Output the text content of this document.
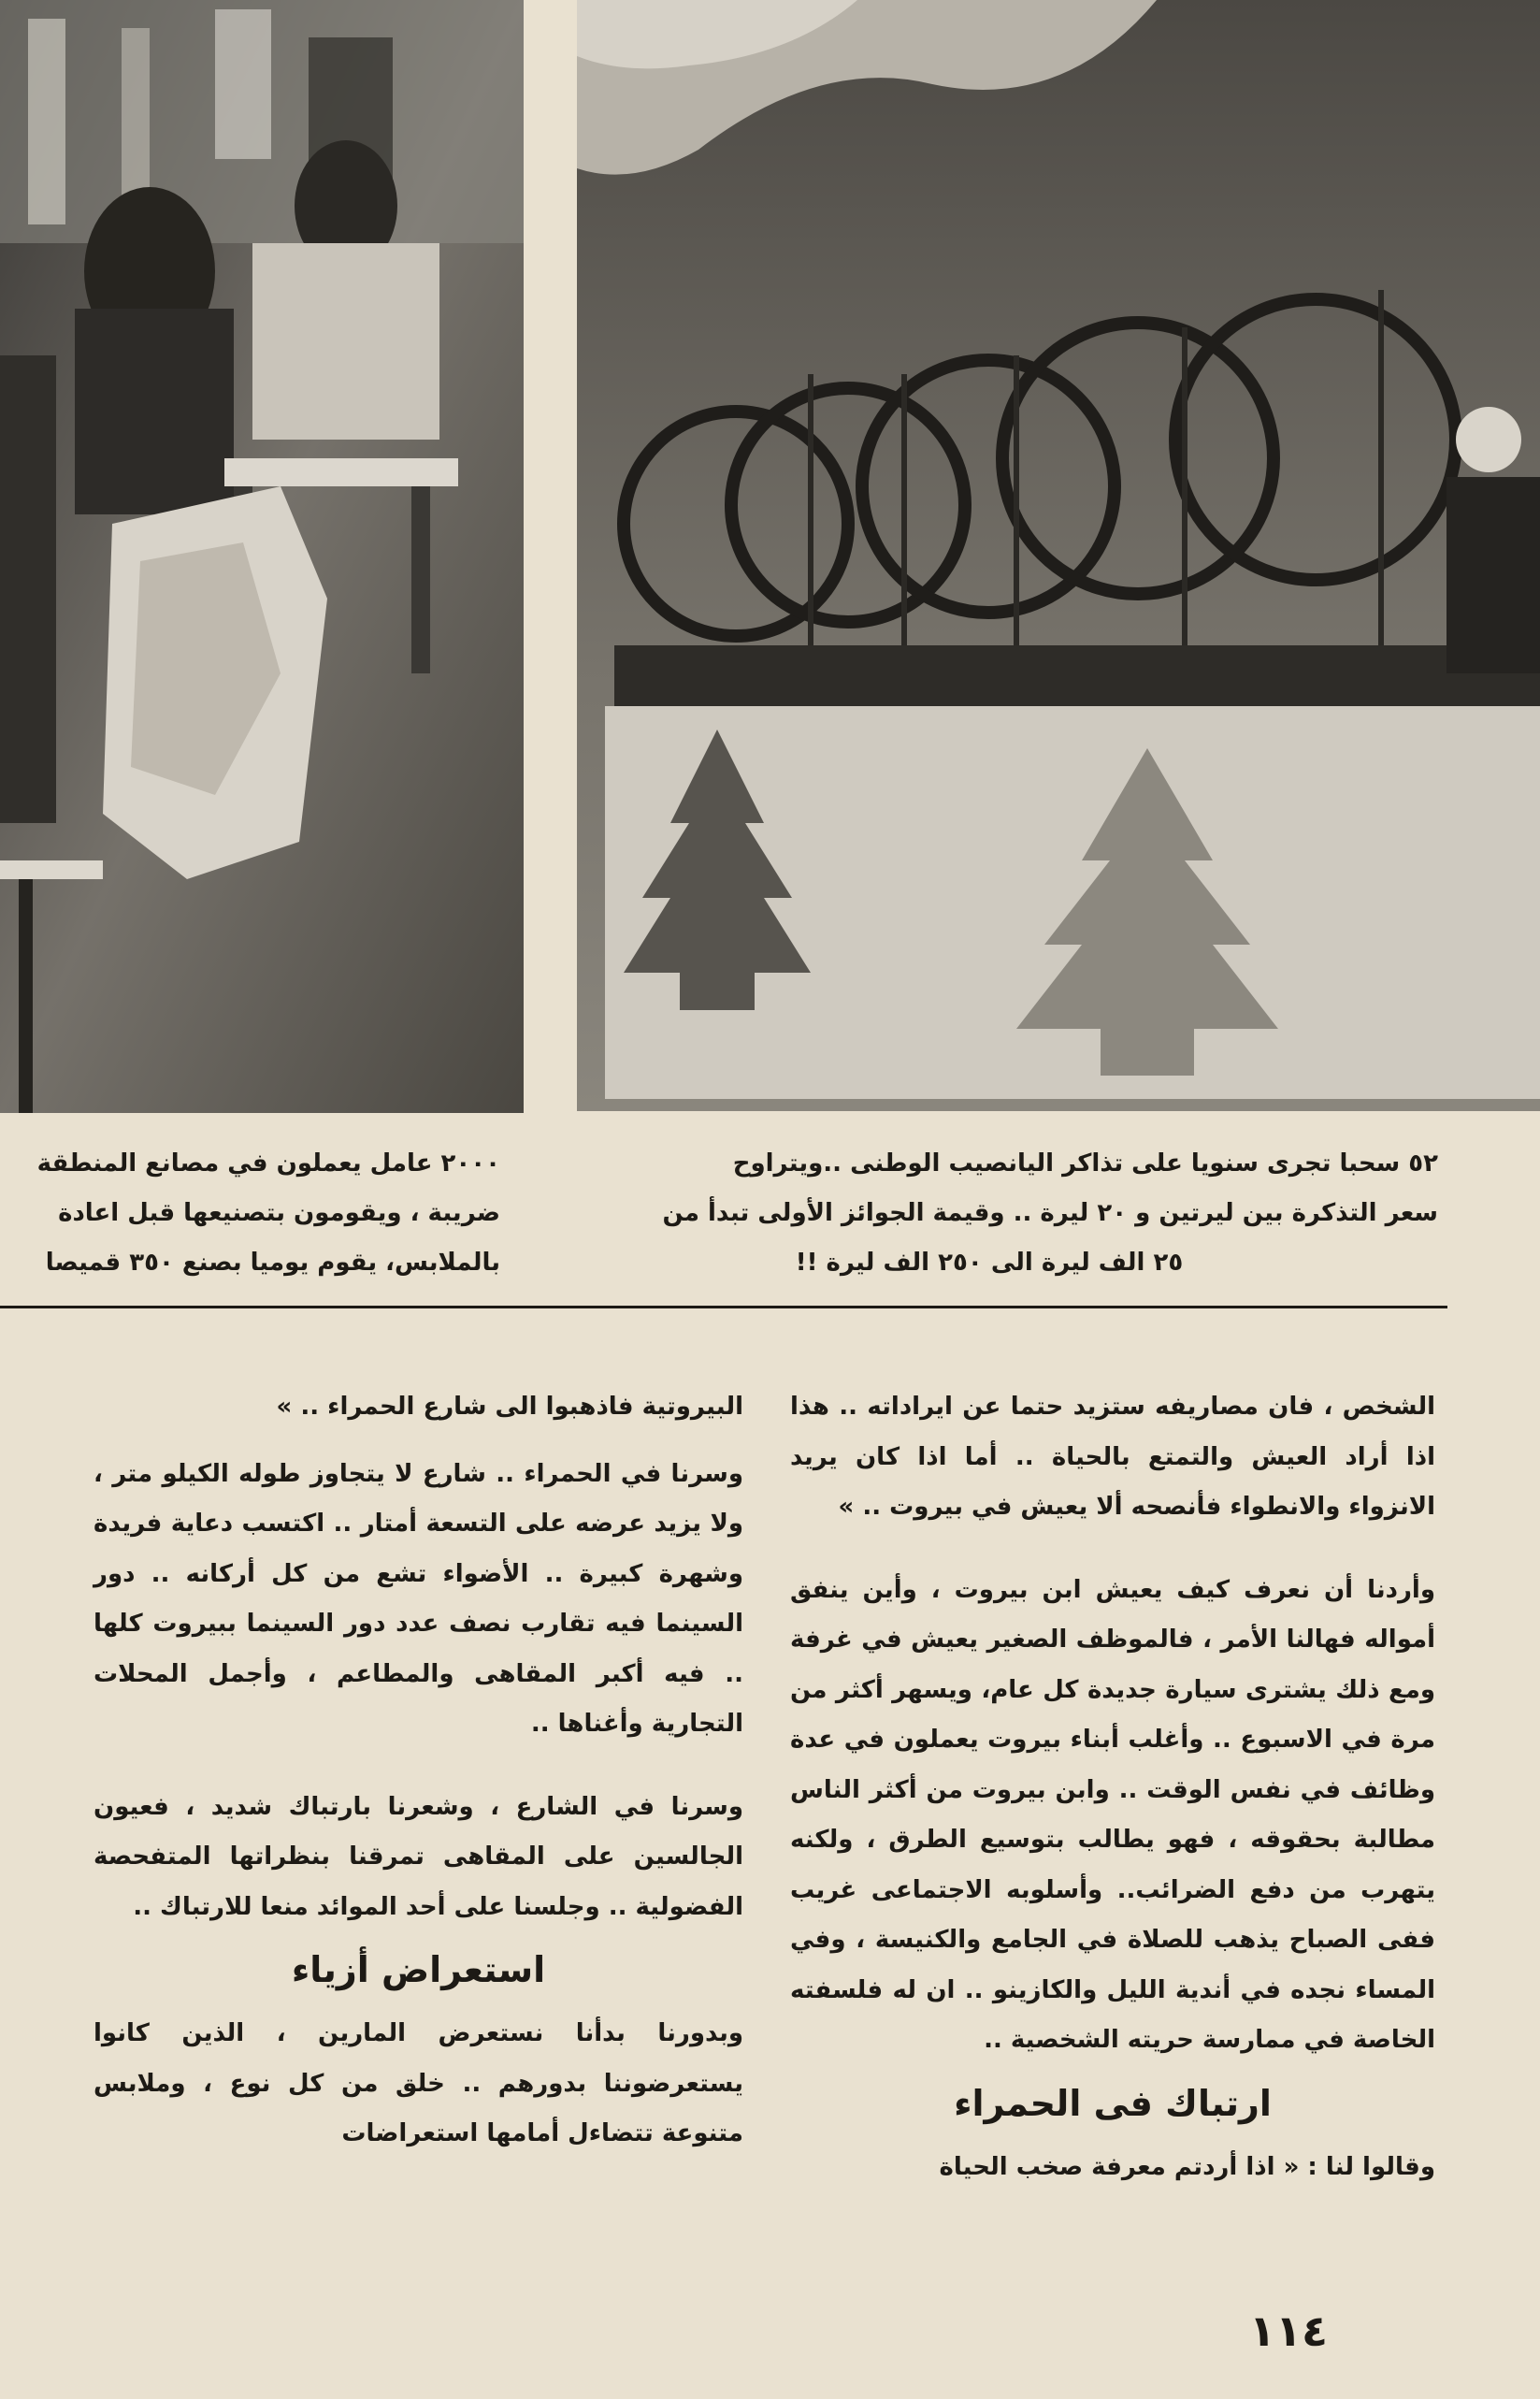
٥٢ سحبا تجرى سنويا على تذاكر اليانصيب الوطنى ..ويتراوح
سعر التذكرة بين ليرتين و ٢٠ ليرة .. وقيمة الجوائز الأولى تبدأ من
٢٥ الف ليرة الى ٢٥٠ الف ليرة !!
٢٠٠٠ عامل يعملون في مصانع المنطقة
ضريبة ، ويقومون بتصنيعها قبل اعادة
بالملابس، يقوم يوميا بصنع ٣٥٠ قميصا

الشخص ، فان مصاريفه ستزيد حتما عن ايراداته .. هذا اذا أراد العيش والتمتع بالحياة .. أما اذا كان يريد الانزواء والانطواء فأنصحه ألا يعيش في بيروت .. »

وأردنا أن نعرف كيف يعيش ابن بيروت ، وأين ينفق أمواله فهالنا الأمر ، فالموظف الصغير يعيش في غرفة ومع ذلك يشترى سيارة جديدة كل عام، ويسهر أكثر من مرة في الاسبوع .. وأغلب أبناء بيروت يعملون في عدة وظائف في نفس الوقت .. وابن بيروت من أكثر الناس مطالبة بحقوقه ، فهو يطالب بتوسيع الطرق ، ولكنه يتهرب من دفع الضرائب.. وأسلوبه الاجتماعى غريب ففى الصباح يذهب للصلاة في الجامع والكنيسة ، وفي المساء نجده في أندية الليل والكازينو .. ان له فلسفته الخاصة في ممارسة حريته الشخصية ..

ارتباك فى الحمراء

وقالوا لنا : « اذا أردتم معرفة صخب الحياة

البيروتية فاذهبوا الى شارع الحمراء .. »

وسرنا في الحمراء .. شارع لا يتجاوز طوله الكيلو متر ، ولا يزيد عرضه على التسعة أمتار .. اكتسب دعاية فريدة وشهرة كبيرة .. الأضواء تشع من كل أركانه .. دور السينما فيه تقارب نصف عدد دور السينما ببيروت كلها .. فيه أكبر المقاهى والمطاعم ، وأجمل المحلات التجارية وأغناها ..

وسرنا في الشارع ، وشعرنا بارتباك شديد ، فعيون الجالسين على المقاهى تمرقنا بنظراتها المتفحصة الفضولية .. وجلسنا على أحد الموائد منعا للارتباك ..

استعراض أزياء

وبدورنا بدأنا نستعرض المارين ، الذين كانوا يستعرضوننا بدورهم .. خلق من كل نوع ، وملابس متنوعة تتضاءل أمامها استعراضات

١١٤
